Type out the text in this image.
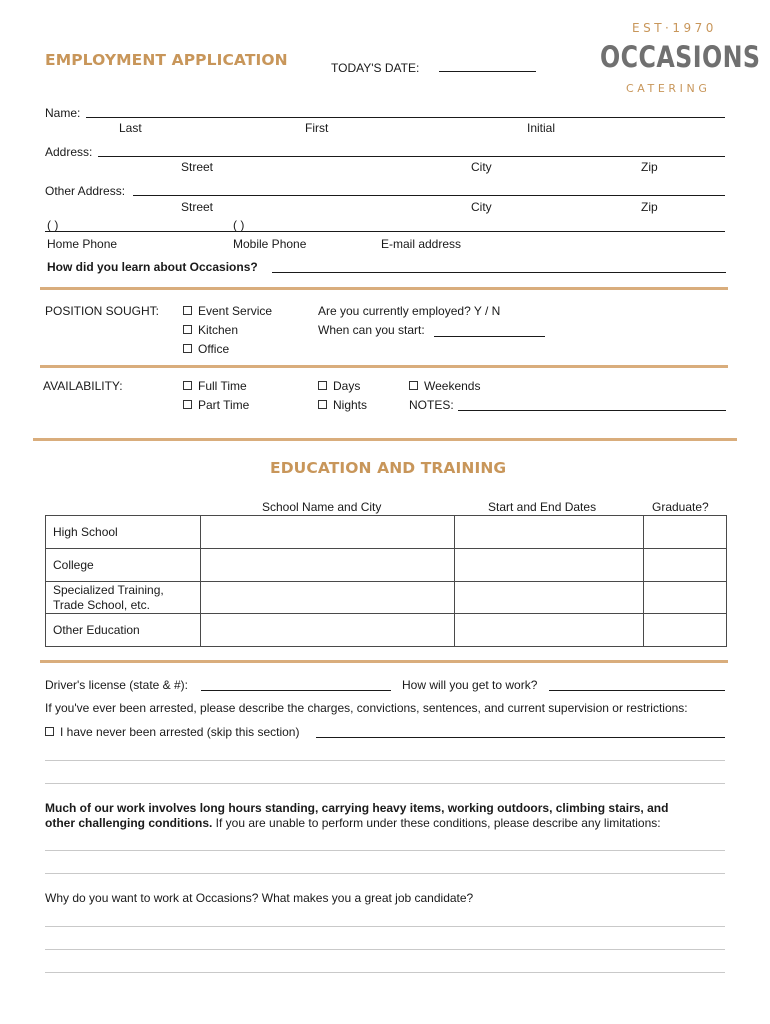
EMPLOYMENT APPLICATION	TODAY'S DATE:
EST·1970
OCCASIONS
CATERING
Name:
Last	First	Initial
Address:
Street	City	Zip
Other Address:
Street	City	Zip
( )	( )
Home Phone	Mobile Phone	E-mail address
How did you learn about Occasions?
POSITION SOUGHT:	Event Service
Kitchen
Office
Are you currently employed? Y / N
When can you start:
AVAILABILITY:	Full Time
Part Time
Days
Nights
Weekends
NOTES:
EDUCATION AND TRAINING
School Name and City	Start and End Dates	Graduate?
High School			
College			
Specialized Training,
Trade School, etc.			
Other Education			
Driver's license (state & #):	How will you get to work?
If you've ever been arrested, please describe the charges, convictions, sentences, and current supervision or restrictions:
I have never been arrested (skip this section)
Much of our work involves long hours standing, carrying heavy items, working outdoors, climbing stairs, and
other challenging conditions. If you are unable to perform under these conditions, please describe any limitations:
Why do you want to work at Occasions? What makes you a great job candidate?
